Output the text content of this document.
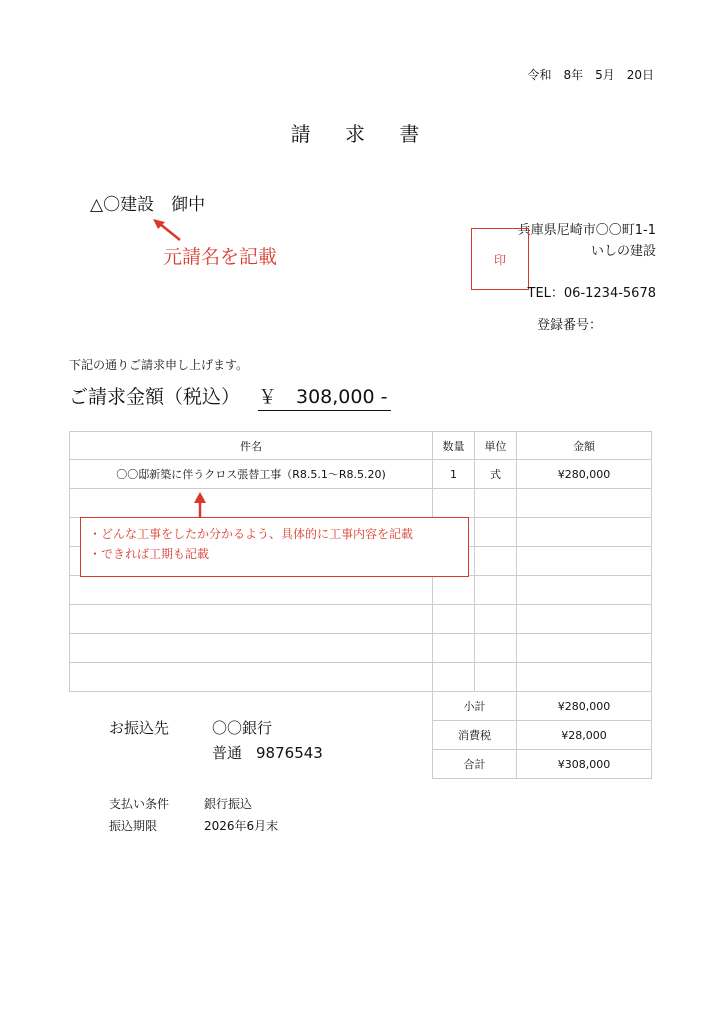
令和　8年　5月　20日
請 求 書
△〇建設　御中
元請名を記載
兵庫県尼崎市〇〇町1-1
いしの建設
印
TEL：06-1234-5678
登録番号：
下記の通りご請求申し上げます。
ご請求金額（税込） ￥　308,000 -
件名	数量	単位	金額
〇〇邸新築に伴うクロス張替工事（R8.5.1〜R8.5.20)	1	式	¥280,000

・どんな工事をしたか分かるよう、具体的に工事内容を記載
・できれば工期も記載
小計	¥280,000
消費税	¥28,000
合計	¥308,000
お振込先	〇〇銀行
普通 9876543
支払い条件	銀行振込
振込期限	2026年6月末
